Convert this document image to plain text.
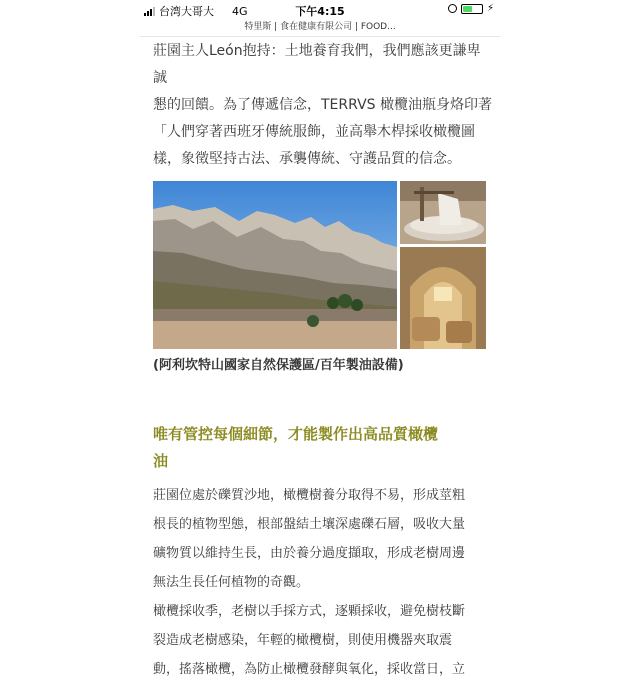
台湾大哥大 4G	下午4:15	⚡
特里斯 | 食在健康有限公司 | FOOD...

莊園主人León抱持：土地養育我們，我們應該更謙卑誠
懇的回饋。為了傳遞信念，TERRVS 橄欖油瓶身烙印著
「人們穿著西班牙傳統服飾，並高舉木桿採收橄欖圖
樣，象徵堅持古法、承襲傳統、守護品質的信念。

(阿利坎特山國家自然保護區/百年製油設備)

唯有管控每個細節，才能製作出高品質橄欖
油

莊園位處於礫質沙地，橄欖樹養分取得不易，形成莖粗
根長的植物型態，根部盤結土壤深處礫石層，吸收大量
礦物質以維持生長，由於養分過度擷取，形成老樹周邊
無法生長任何植物的奇觀。

橄欖採收季，老樹以手採方式，逐顆採收，避免樹枝斷
裂造成老樹感染，年輕的橄欖樹，則使用機器夾取震
動，搖落橄欖，為防止橄欖發酵與氧化，採收當日，立
